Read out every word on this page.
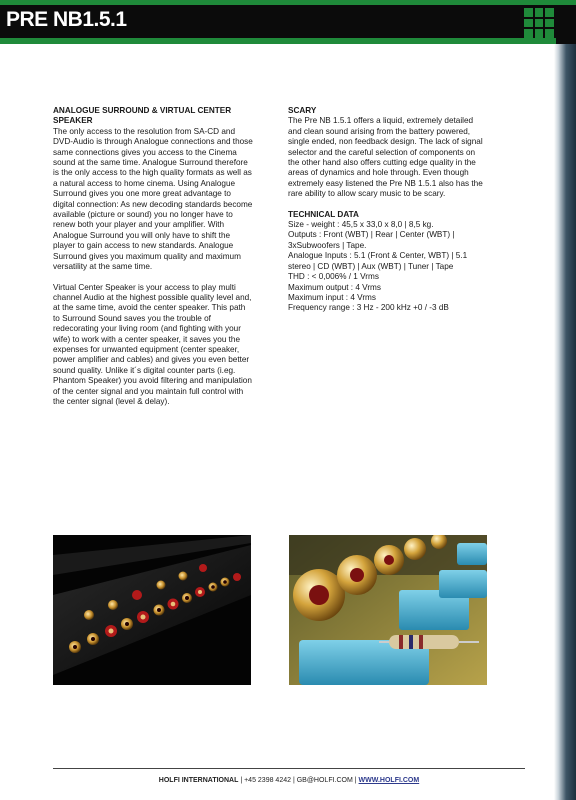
PRE NB1.5.1

ANALOGUE SURROUND & VIRTUAL CENTER SPEAKER

The only access to the resolution from SA-CD and DVD-Audio is through Analogue connections and those same connections gives you access to the Cinema sound at the same time. Analogue Surround therefore is the only access to the high quality formats as well as a natural access to home cinema. Using Analogue Surround gives you one more great advantage to digital connection: As new decoding standards become available (picture or sound) you no longer have to renew both your player and your amplifier. With Analogue Surround you will only have to shift the player to gain access to new standards. Analogue Surround gives you maximum quality and maximum versatility at the same time.

Virtual Center Speaker is your access to play multi channel Audio at the highest possible quality level and, at the same time, avoid the center speaker. This path to Surround Sound saves you the trouble of redecorating your living room (and fighting with your wife) to work with a center speaker, it saves you the expenses for unwanted equipment (center speaker, power amplifier and cables) and gives you even better sound quality. Unlike it´s digital counter parts (i.eg. Phantom Speaker) you avoid filtering and manipulation of the center signal and you maintain full control with the center signal (level & delay).

SCARY

The Pre NB 1.5.1 offers a liquid, extremely detailed and clean sound arising from the battery powered, single ended, non feedback design. The lack of signal selector and the careful selection of components on the other hand also offers cutting edge quality in the areas of dynamics and hole through. Even though extremely easy listened the Pre NB 1.5.1 also has the rare ability to allow scary music to be scary.

TECHNICAL DATA

Size - weight : 45,5 x 33,0 x 8,0 | 8,5 kg.

Outputs : Front (WBT) | Rear | Center (WBT) | 3xSubwoofers | Tape.

Analogue Inputs : 5.1 (Front & Center, WBT) | 5.1 stereo | CD (WBT) | Aux (WBT) | Tuner | Tape

THD : < 0,006% / 1 Vrms

Maximum output : 4 Vrms

Maximum input : 4 Vrms

Frequency range : 3 Hz - 200 kHz +0 / -3 dB

HOLFI INTERNATIONAL | +45 2398 4242 | GB@HOLFI.COM | WWW.HOLFI.COM
